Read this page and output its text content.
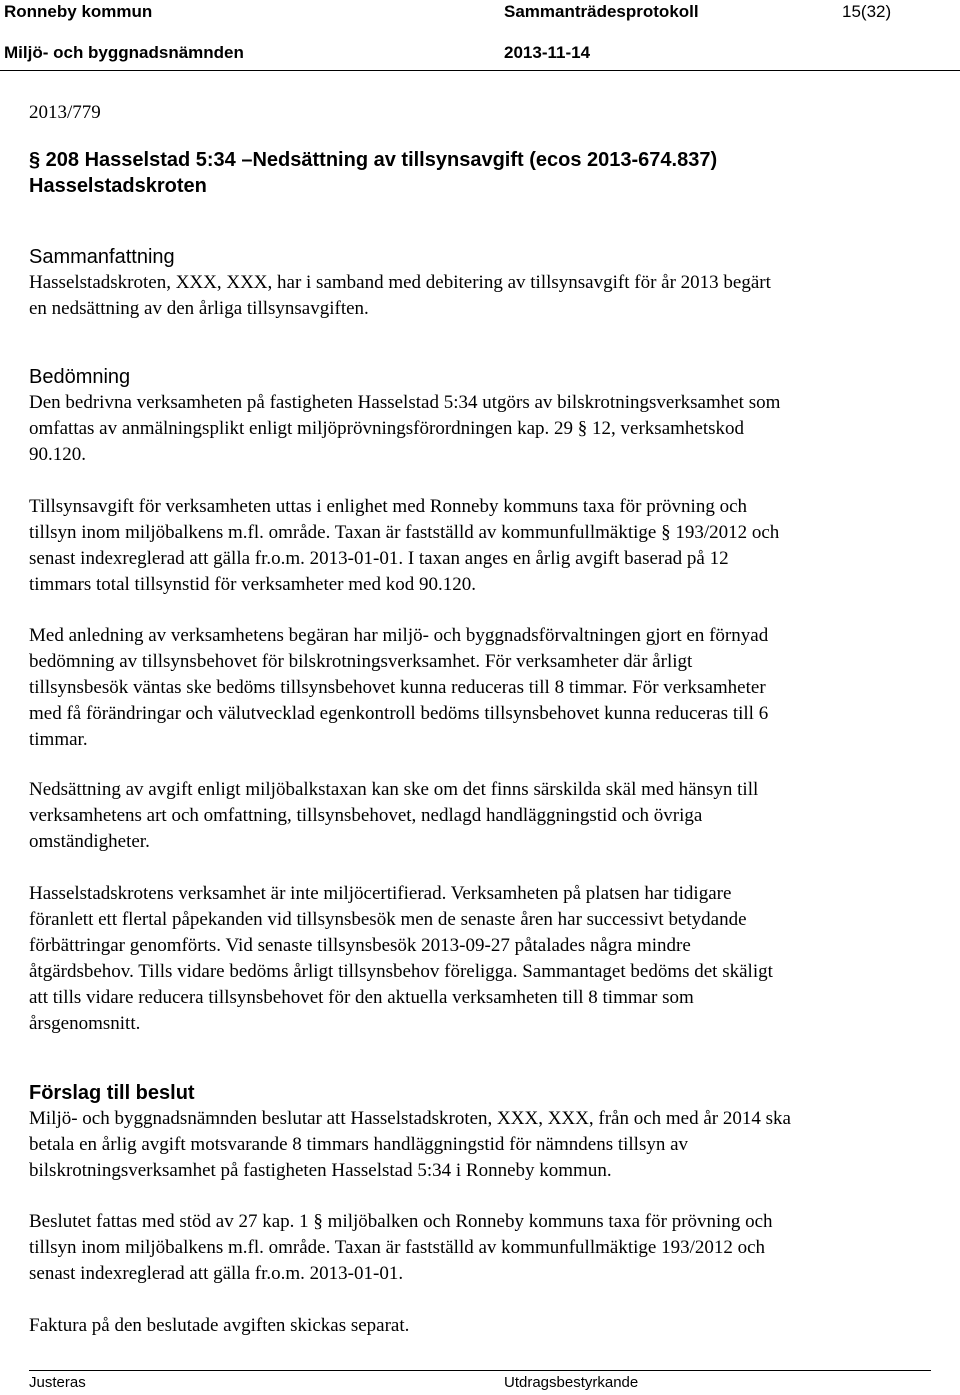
Ronneby kommun	Sammanträdesprotokoll	15(32)
Miljö- och byggnadsnämnden	2013-11-14
2013/779
§ 208 Hasselstad 5:34 –Nedsättning av tillsynsavgift (ecos 2013-674.837)
Hasselstadskroten
Sammanfattning
Hasselstadskroten, XXX, XXX, har i samband med debitering av tillsynsavgift för år 2013 begärt
en nedsättning av den årliga tillsynsavgiften.
Bedömning
Den bedrivna verksamheten på fastigheten Hasselstad 5:34 utgörs av bilskrotningsverksamhet som
omfattas av anmälningsplikt enligt miljöprövningsförordningen kap. 29 § 12, verksamhetskod
90.120.
Tillsynsavgift för verksamheten uttas i enlighet med Ronneby kommuns taxa för prövning och
tillsyn inom miljöbalkens m.fl. område. Taxan är fastställd av kommunfullmäktige § 193/2012 och
senast indexreglerad att gälla fr.o.m. 2013-01-01. I taxan anges en årlig avgift baserad på 12
timmars total tillsynstid för verksamheter med kod 90.120.
Med anledning av verksamhetens begäran har miljö- och byggnadsförvaltningen gjort en förnyad
bedömning av tillsynsbehovet för bilskrotningsverksamhet. För verksamheter där årligt
tillsynsbesök väntas ske bedöms tillsynsbehovet kunna reduceras till 8 timmar. För verksamheter
med få förändringar och välutvecklad egenkontroll bedöms tillsynsbehovet kunna reduceras till 6
timmar.
Nedsättning av avgift enligt miljöbalkstaxan kan ske om det finns särskilda skäl med hänsyn till
verksamhetens art och omfattning, tillsynsbehovet, nedlagd handläggningstid och övriga
omständigheter.
Hasselstadskrotens verksamhet är inte miljöcertifierad. Verksamheten på platsen har tidigare
föranlett ett flertal påpekanden vid tillsynsbesök men de senaste åren har successivt betydande
förbättringar genomförts. Vid senaste tillsynsbesök 2013-09-27 påtalades några mindre
åtgärdsbehov. Tills vidare bedöms årligt tillsynsbehov föreligga. Sammantaget bedöms det skäligt
att tills vidare reducera tillsynsbehovet för den aktuella verksamheten till 8 timmar som
årsgenomsnitt.
Förslag till beslut
Miljö- och byggnadsnämnden beslutar att Hasselstadskroten, XXX, XXX, från och med år 2014 ska
betala en årlig avgift motsvarande 8 timmars handläggningstid för nämndens tillsyn av
bilskrotningsverksamhet på fastigheten Hasselstad 5:34 i Ronneby kommun.
Beslutet fattas med stöd av 27 kap. 1 § miljöbalken och Ronneby kommuns taxa för prövning och
tillsyn inom miljöbalkens m.fl. område. Taxan är fastställd av kommunfullmäktige 193/2012 och
senast indexreglerad att gälla fr.o.m. 2013-01-01.
Faktura på den beslutade avgiften skickas separat.
Justeras	Utdragsbestyrkande
